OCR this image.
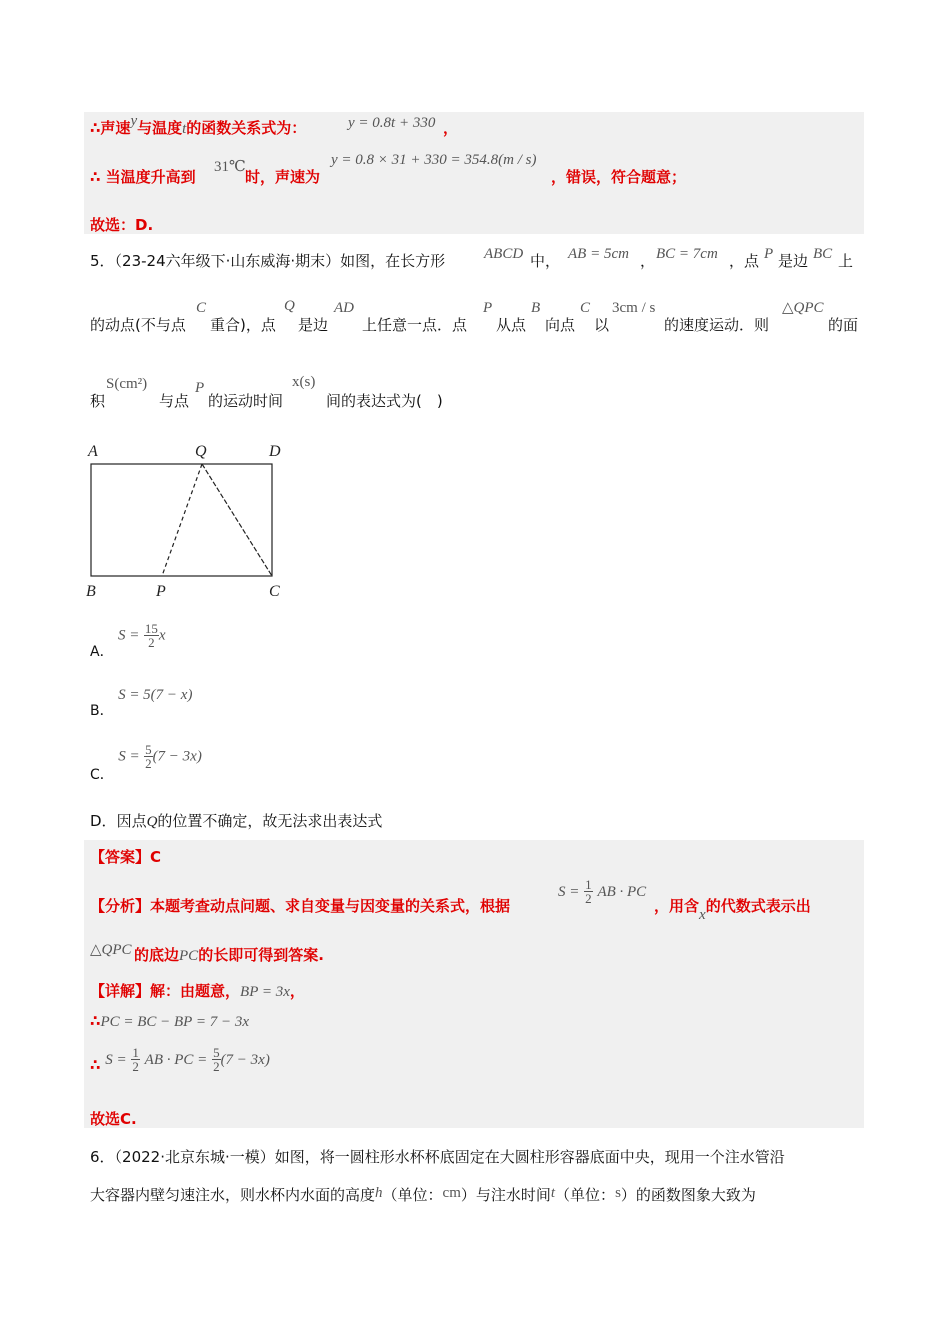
∴声速y与温度t的函数关系式为：	y = 0.8t + 330 ，
∴ 当温度升高到
31℃
时，声速为
y = 0.8 × 31 + 330 = 354.8(m / s)
，错误，符合题意；
故选：D.
5．（23-24六年级下·山东威海·期末）如图，在长方形	ABCD 中， AB = 5cm ， BC = 7cm ，点 P 是边 BC 上
的动点(不与点
C
重合)，点
Q
是边
AD
上任意一点．点
P
从点
B
向点
C
以
3cm / s
的速度运动．则
△QPC
的面
积
S(cm²)
与点
P
的运动时间
x(s)
间的表达式为(　)
A	Q	D
B	P	C
A． $S = \frac{15}{2}$ x
B． S = 5(7 − x)
C． $S = \frac{5}{2} (7 - 3x)$
D．因点Q的位置不确定，故无法求出表达式
【答案】C
【分析】本题考查动点问题、求自变量与因变量的关系式，根据
$S = \frac{1}{2}$ AB · PC
，用含x的代数式表示出
△QPC 的底边PC的长即可得到答案.
【详解】解：由题意，BP = 3x，
∴PC = BC − BP = 7 − 3x
∴ $S = \frac{1}{2}$ AB · PC = $\frac{5}{2} (7 - 3x)$
故选C.
6．（2022·北京东城·一模）如图，将一圆柱形水杯杯底固定在大圆柱形容器底面中央，现用一个注水管沿
大容器内壁匀速注水，则水杯内水面的高度h（单位：cm）与注水时间t（单位：s）的函数图象大致为
